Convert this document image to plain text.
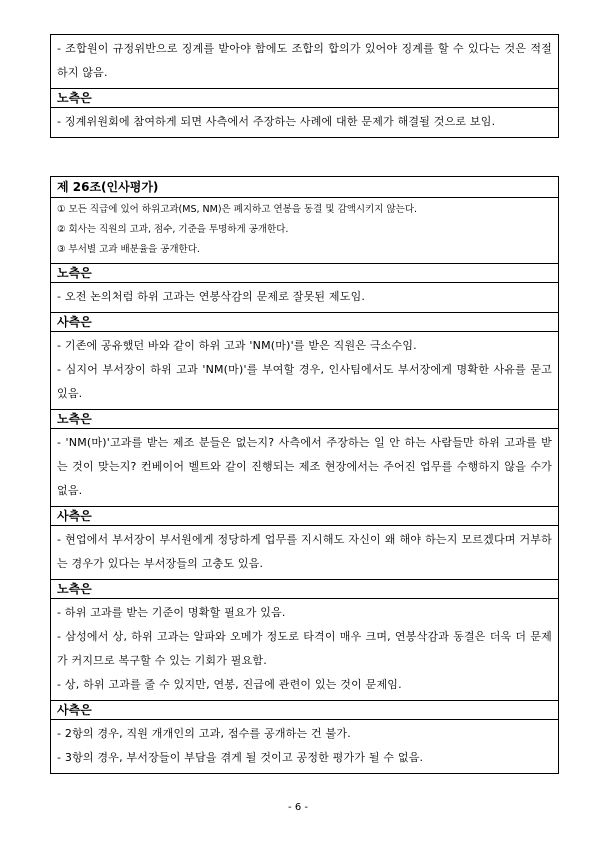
- 조합원이 규정위반으로 징계를 받아야 함에도 조합의 합의가 있어야 징계를 할 수 있다는 것은 적절하지 않음.

노측은

- 징계위원회에 참여하게 되면 사측에서 주장하는 사례에 대한 문제가 해결될 것으로 보임.

제 26조(인사평가)

① 모든 직급에 있어 하위고과(MS, NM)은 폐지하고 연봉을 동결 및 감액시키지 않는다.

② 회사는 직원의 고과, 점수, 기준을 투명하게 공개한다.

③ 부서별 고과 배분율을 공개한다.

노측은

- 오전 논의처럼 하위 고과는 연봉삭감의 문제로 잘못된 제도임.

사측은

- 기존에 공유했던 바와 같이 하위 고과 'NM(마)'를 받은 직원은 극소수임.

- 심지어 부서장이 하위 고과 'NM(마)'를 부여할 경우, 인사팀에서도 부서장에게 명확한 사유를 묻고 있음.

노측은

- 'NM(마)'고과를 받는 제조 분들은 없는지? 사측에서 주장하는 일 안 하는 사람들만 하위 고과를 받는 것이 맞는지? 컨베이어 벨트와 같이 진행되는 제조 현장에서는 주어진 업무를 수행하지 않을 수가 없음.

사측은

- 현업에서 부서장이 부서원에게 정당하게 업무를 지시해도 자신이 왜 해야 하는지 모르겠다며 거부하는 경우가 있다는 부서장들의 고충도 있음.

노측은

- 하위 고과를 받는 기준이 명확할 필요가 있음.

- 삼성에서 상, 하위 고과는 알파와 오메가 정도로 타격이 매우 크며, 연봉삭감과 동결은 더욱 더 문제가 커지므로 복구할 수 있는 기회가 필요함.

- 상, 하위 고과를 줄 수 있지만, 연봉, 진급에 관련이 있는 것이 문제임.

사측은

- 2항의 경우, 직원 개개인의 고과, 점수를 공개하는 건 불가.

- 3항의 경우, 부서장들이 부담을 겪게 될 것이고 공정한 평가가 될 수 없음.

- 6 -
